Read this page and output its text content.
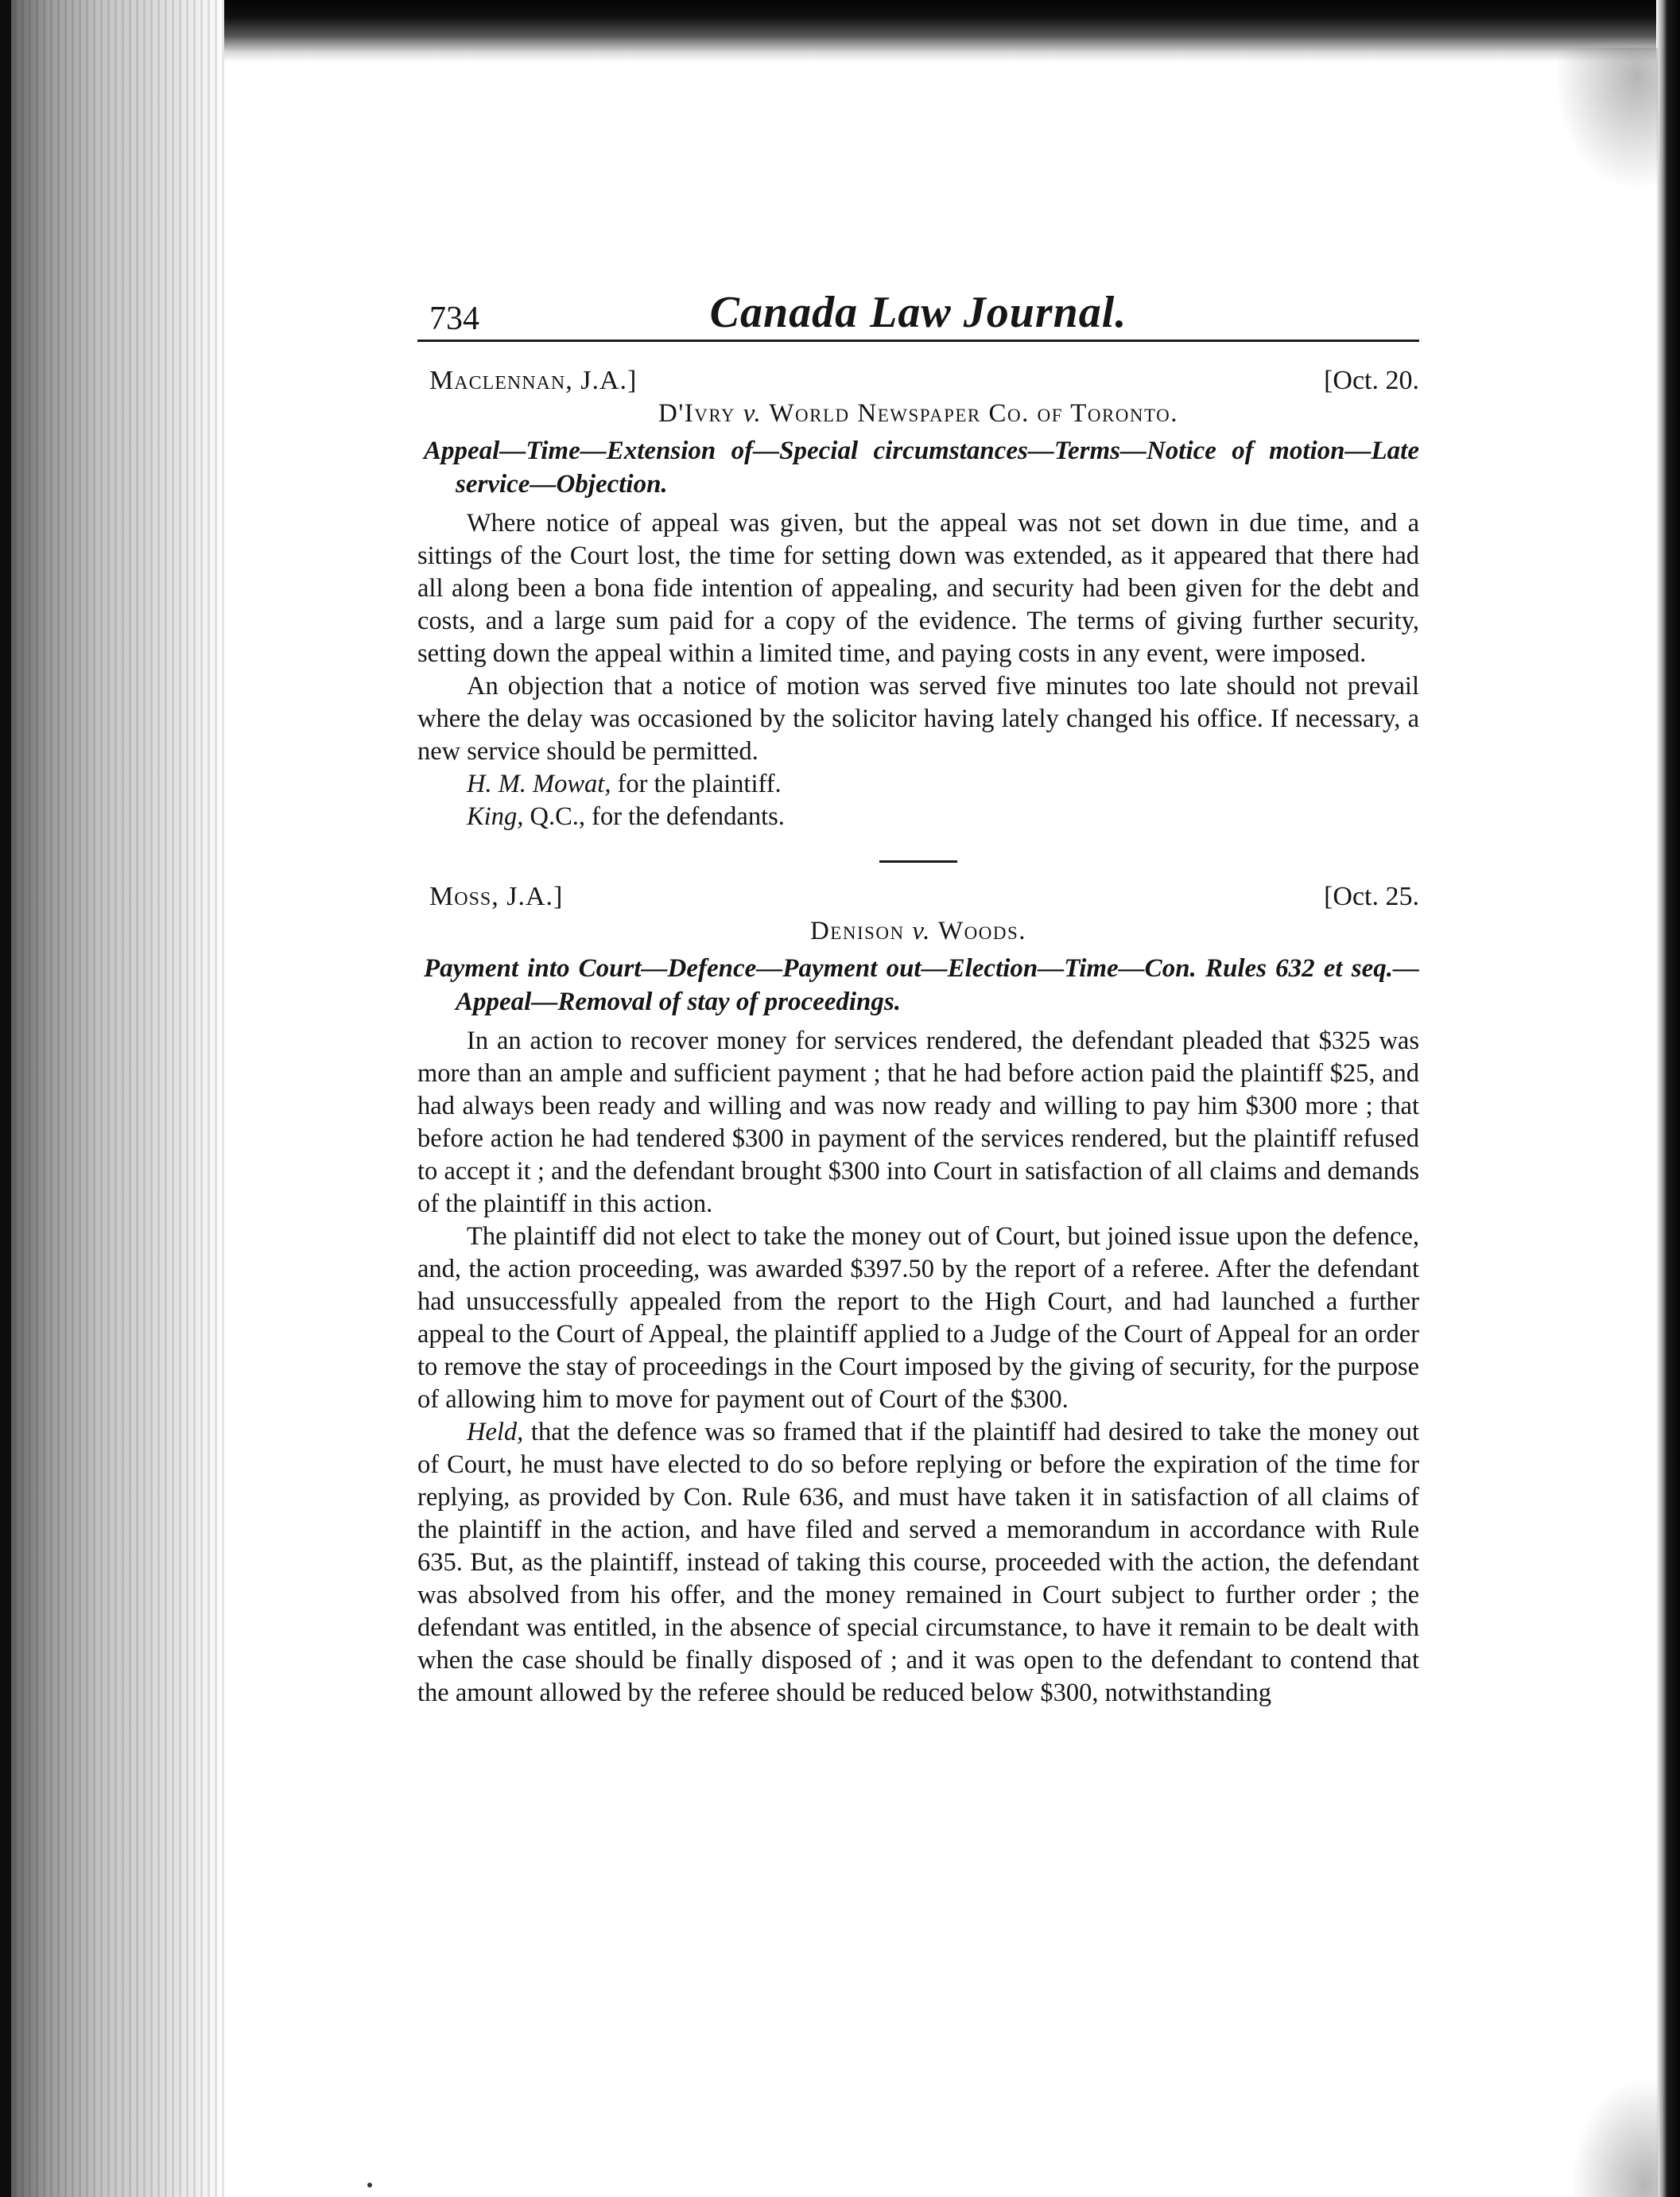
734	Canada Law Journal.
Maclennan, J.A.]	[Oct. 20.
D'Ivry v. World Newspaper Co. of Toronto.

Appeal—Time—Extension of—Special circumstances—Terms—Notice of motion—Late service—Objection.

Where notice of appeal was given, but the appeal was not set down in due time, and a sittings of the Court lost, the time for setting down was extended, as it appeared that there had all along been a bona fide intention of appealing, and security had been given for the debt and costs, and a large sum paid for a copy of the evidence. The terms of giving further security, setting down the appeal within a limited time, and paying costs in any event, were imposed.

An objection that a notice of motion was served five minutes too late should not prevail where the delay was occasioned by the solicitor having lately changed his office. If necessary, a new service should be permitted.

H. M. Mowat, for the plaintiff.

King, Q.C., for the defendants.

Moss, J.A.]	[Oct. 25.
Denison v. Woods.

Payment into Court—Defence—Payment out—Election—Time—Con. Rules 632 et seq.—Appeal—Removal of stay of proceedings.

In an action to recover money for services rendered, the defendant pleaded that $325 was more than an ample and sufficient payment ; that he had before action paid the plaintiff $25, and had always been ready and willing and was now ready and willing to pay him $300 more ; that before action he had tendered $300 in payment of the services rendered, but the plaintiff refused to accept it ; and the defendant brought $300 into Court in satisfaction of all claims and demands of the plaintiff in this action.

The plaintiff did not elect to take the money out of Court, but joined issue upon the defence, and, the action proceeding, was awarded $397.50 by the report of a referee. After the defendant had unsuccessfully appealed from the report to the High Court, and had launched a further appeal to the Court of Appeal, the plaintiff applied to a Judge of the Court of Appeal for an order to remove the stay of proceedings in the Court imposed by the giving of security, for the purpose of allowing him to move for payment out of Court of the $300.

Held, that the defence was so framed that if the plaintiff had desired to take the money out of Court, he must have elected to do so before replying or before the expiration of the time for replying, as provided by Con. Rule 636, and must have taken it in satisfaction of all claims of the plaintiff in the action, and have filed and served a memorandum in accordance with Rule 635. But, as the plaintiff, instead of taking this course, proceeded with the action, the defendant was absolved from his offer, and the money remained in Court subject to further order ; the defendant was entitled, in the absence of special circumstance, to have it remain to be dealt with when the case should be finally disposed of ; and it was open to the defendant to contend that the amount allowed by the referee should be reduced below $300, notwithstanding
